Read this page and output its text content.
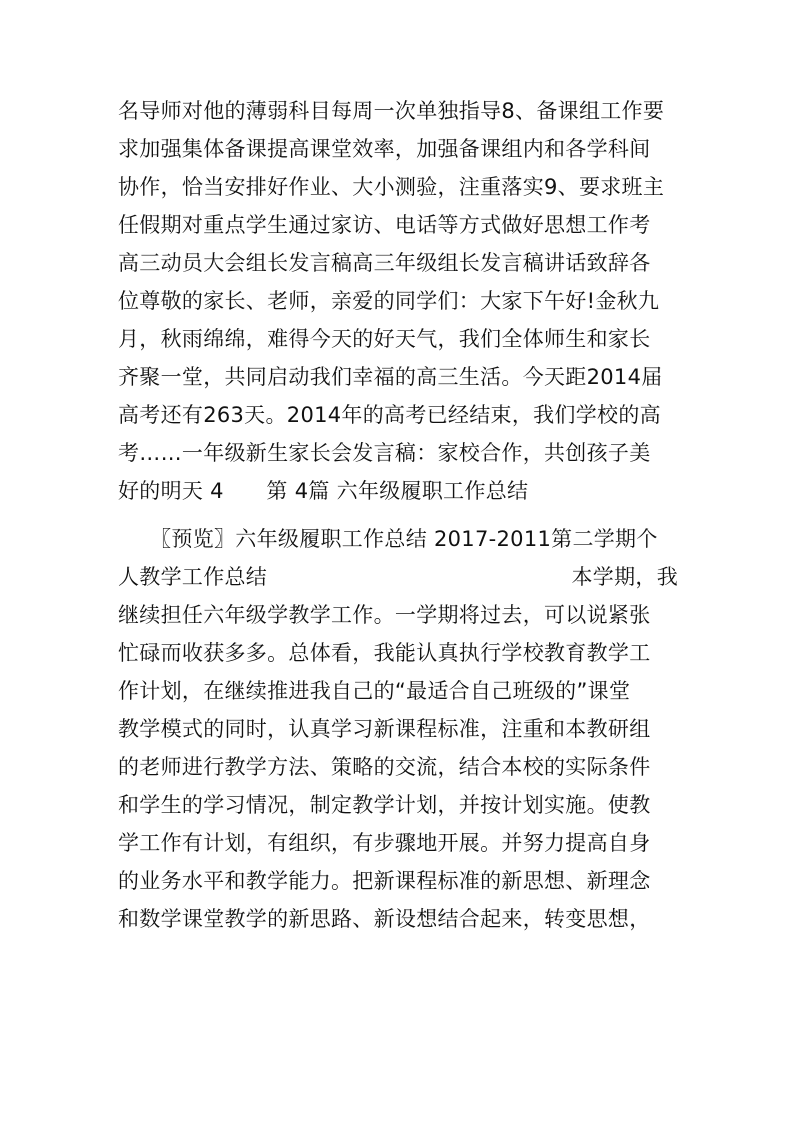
名导师对他的薄弱科目每周一次单独指导8、备课组工作要
求加强集体备课提高课堂效率，加强备课组内和各学科间
协作，恰当安排好作业、大小测验，注重落实9、要求班主
任假期对重点学生通过家访、电话等方式做好思想工作考
高三动员大会组长发言稿高三年级组长发言稿讲话致辞各
位尊敬的家长、老师，亲爱的同学们：大家下午好!金秋九
月，秋雨绵绵，难得今天的好天气，我们全体师生和家长
齐聚一堂，共同启动我们幸福的高三生活。今天距2014届
高考还有263天。2014年的高考已经结束，我们学校的高
考……一年级新生家长会发言稿：家校合作，共创孩子美
好的明天 4　　第 4篇 六年级履职工作总结
　　〖预览〗六年级履职工作总结 2017-2011第二学期个
人教学工作总结	本学期，我
继续担任六年级学教学工作。一学期将过去，可以说紧张
忙碌而收获多多。总体看，我能认真执行学校教育教学工
作计划，在继续推进我自己的“最适合自己班级的”课堂
教学模式的同时，认真学习新课程标准，注重和本教研组
的老师进行教学方法、策略的交流，结合本校的实际条件
和学生的学习情况，制定教学计划，并按计划实施。使教
学工作有计划，有组织，有步骤地开展。并努力提高自身
的业务水平和教学能力。把新课程标准的新思想、新理念
和数学课堂教学的新思路、新设想结合起来，转变思想，
